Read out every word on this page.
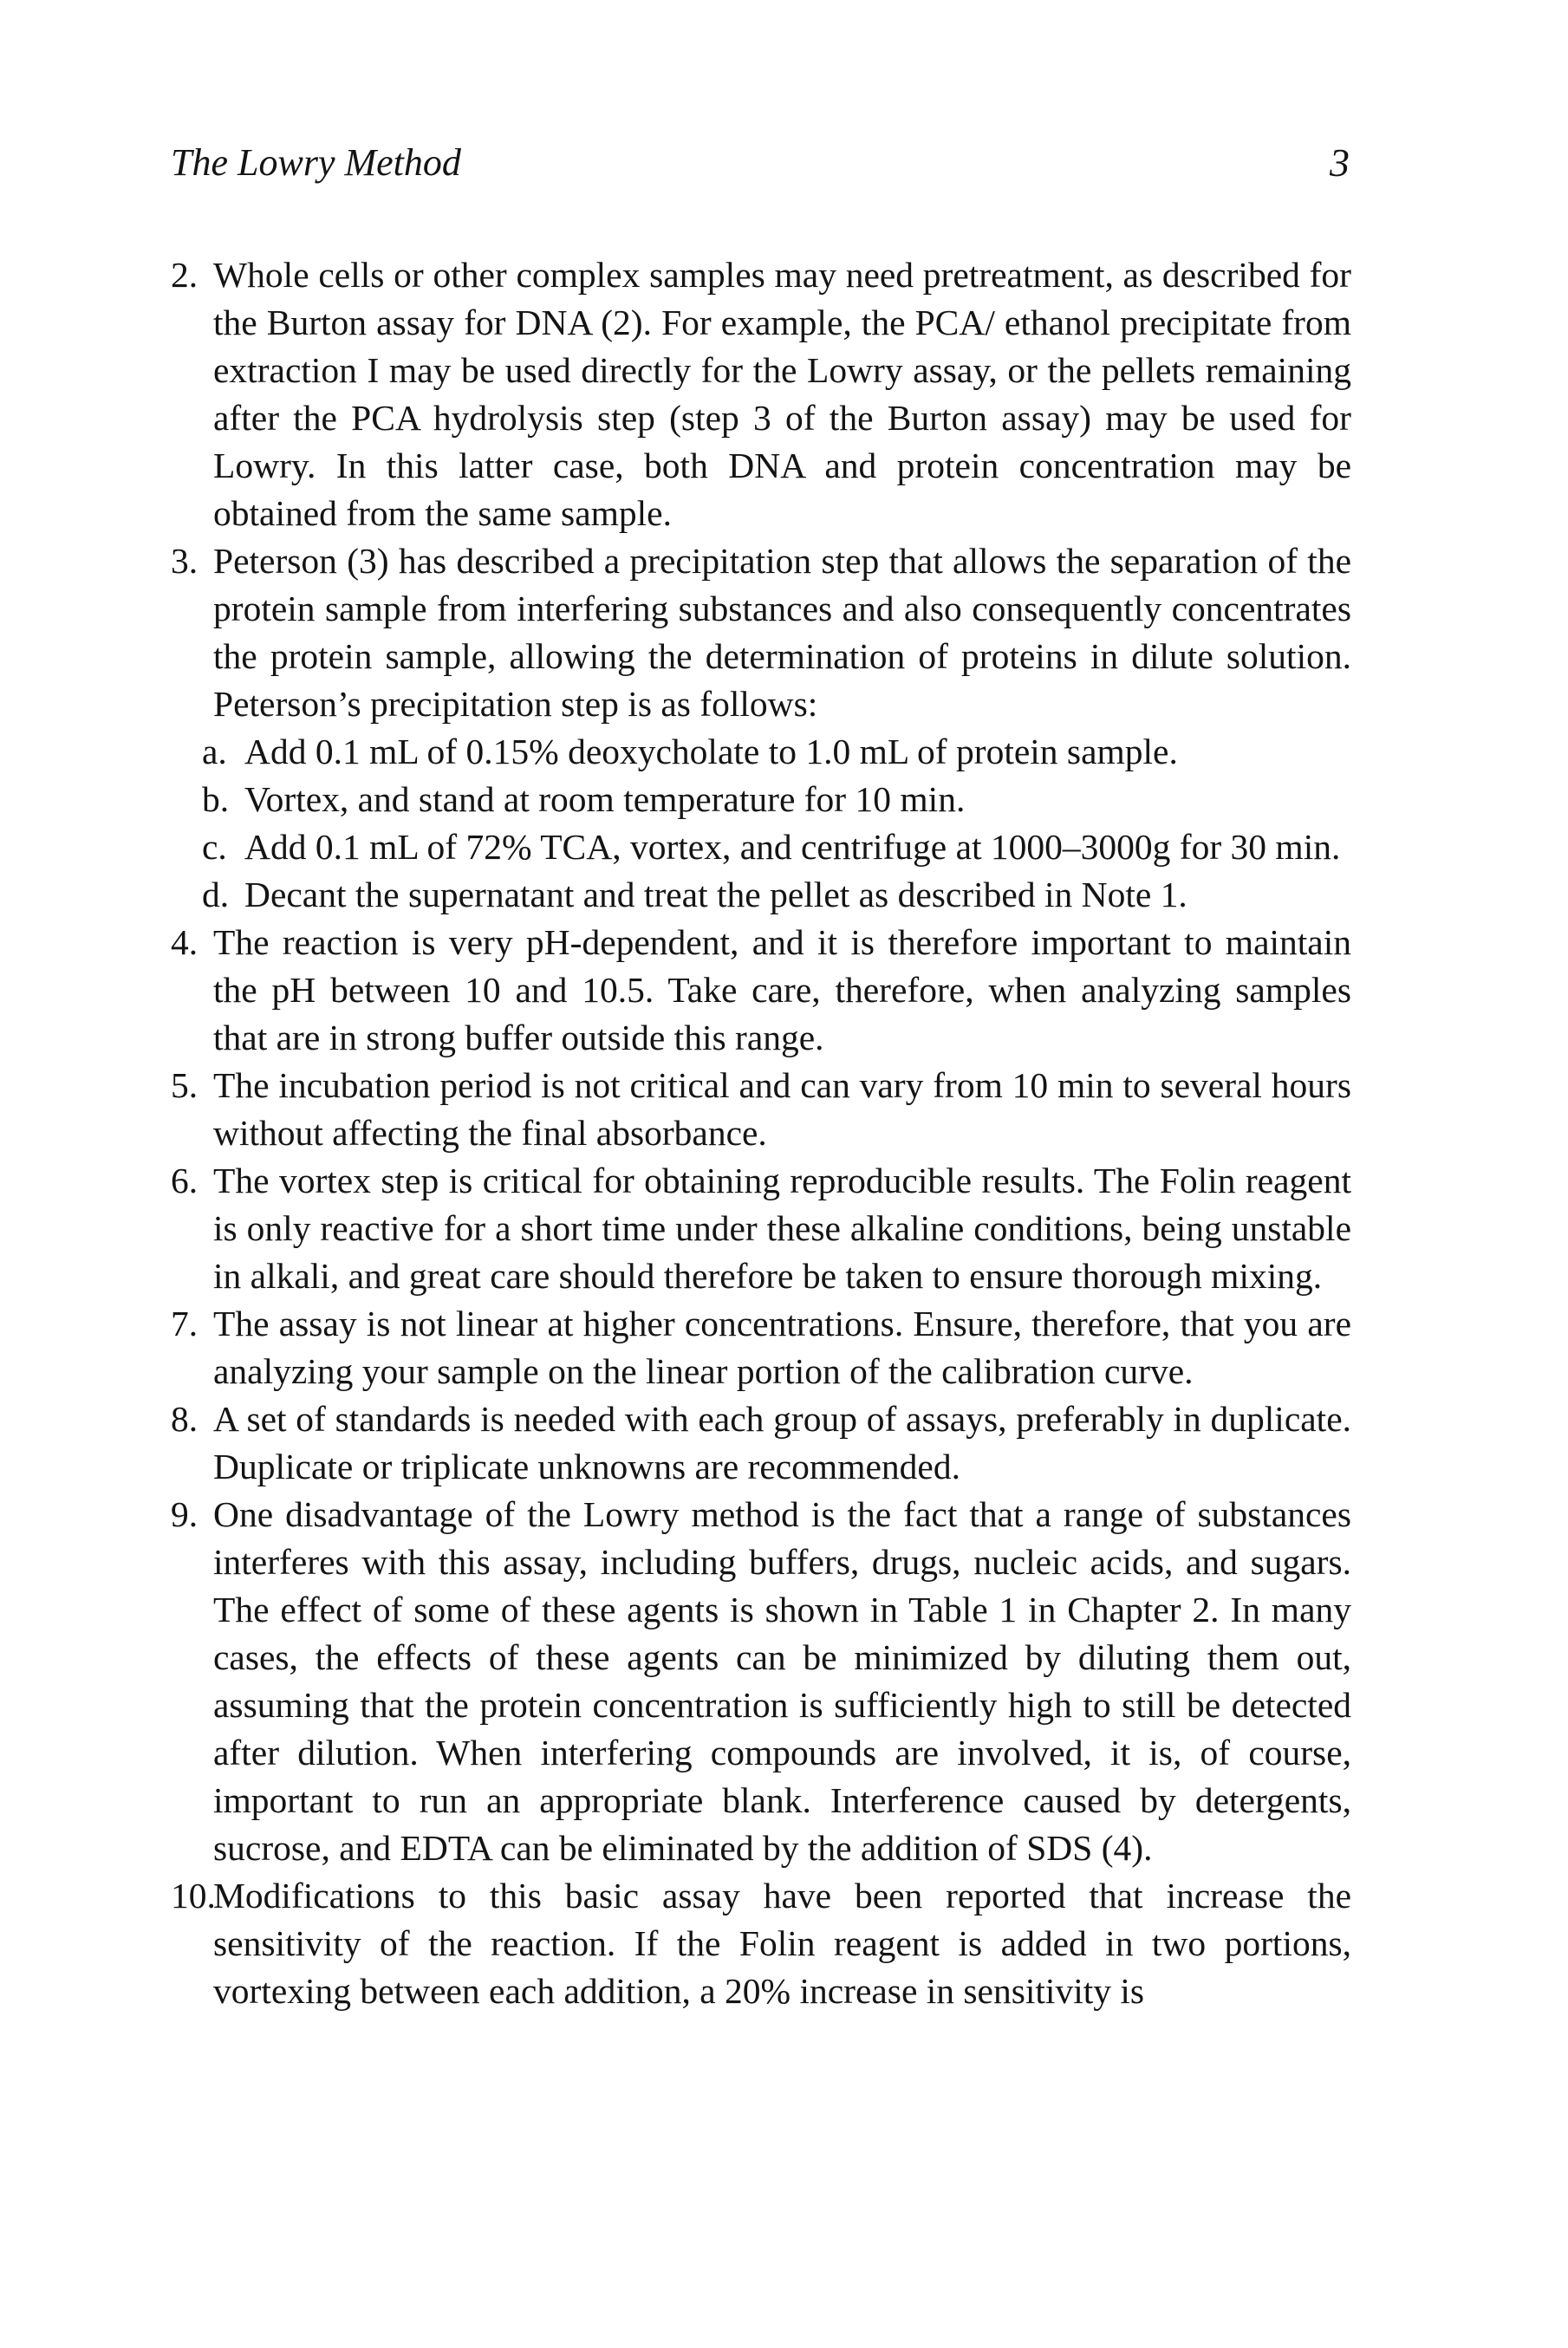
The Lowry Method	3
2. Whole cells or other complex samples may need pretreatment, as described for the Burton assay for DNA (2). For example, the PCA/ ethanol precipitate from extraction I may be used directly for the Lowry assay, or the pellets remaining after the PCA hydrolysis step (step 3 of the Burton assay) may be used for Lowry. In this latter case, both DNA and protein concentration may be obtained from the same sample.
3. Peterson (3) has described a precipitation step that allows the separation of the protein sample from interfering substances and also consequently concentrates the protein sample, allowing the determination of proteins in dilute solution. Peterson’s precipitation step is as follows:
a. Add 0.1 mL of 0.15% deoxycholate to 1.0 mL of protein sample.
b. Vortex, and stand at room temperature for 10 min.
c. Add 0.1 mL of 72% TCA, vortex, and centrifuge at 1000–3000g for 30 min.
d. Decant the supernatant and treat the pellet as described in Note 1.
4. The reaction is very pH-dependent, and it is therefore important to maintain the pH between 10 and 10.5. Take care, therefore, when analyzing samples that are in strong buffer outside this range.
5. The incubation period is not critical and can vary from 10 min to several hours without affecting the final absorbance.
6. The vortex step is critical for obtaining reproducible results. The Folin reagent is only reactive for a short time under these alkaline conditions, being unstable in alkali, and great care should therefore be taken to ensure thorough mixing.
7. The assay is not linear at higher concentrations. Ensure, therefore, that you are analyzing your sample on the linear portion of the calibration curve.
8. A set of standards is needed with each group of assays, preferably in duplicate. Duplicate or triplicate unknowns are recommended.
9. One disadvantage of the Lowry method is the fact that a range of substances interferes with this assay, including buffers, drugs, nucleic acids, and sugars. The effect of some of these agents is shown in Table 1 in Chapter 2. In many cases, the effects of these agents can be minimized by diluting them out, assuming that the protein concentration is sufficiently high to still be detected after dilution. When interfering compounds are involved, it is, of course, important to run an appropriate blank. Interference caused by detergents, sucrose, and EDTA can be eliminated by the addition of SDS (4).
10.
Modifications to this basic assay have been reported that increase the sensitivity of the reaction. If the Folin reagent is added in two portions, vortexing between each addition, a 20% increase in sensitivity is
